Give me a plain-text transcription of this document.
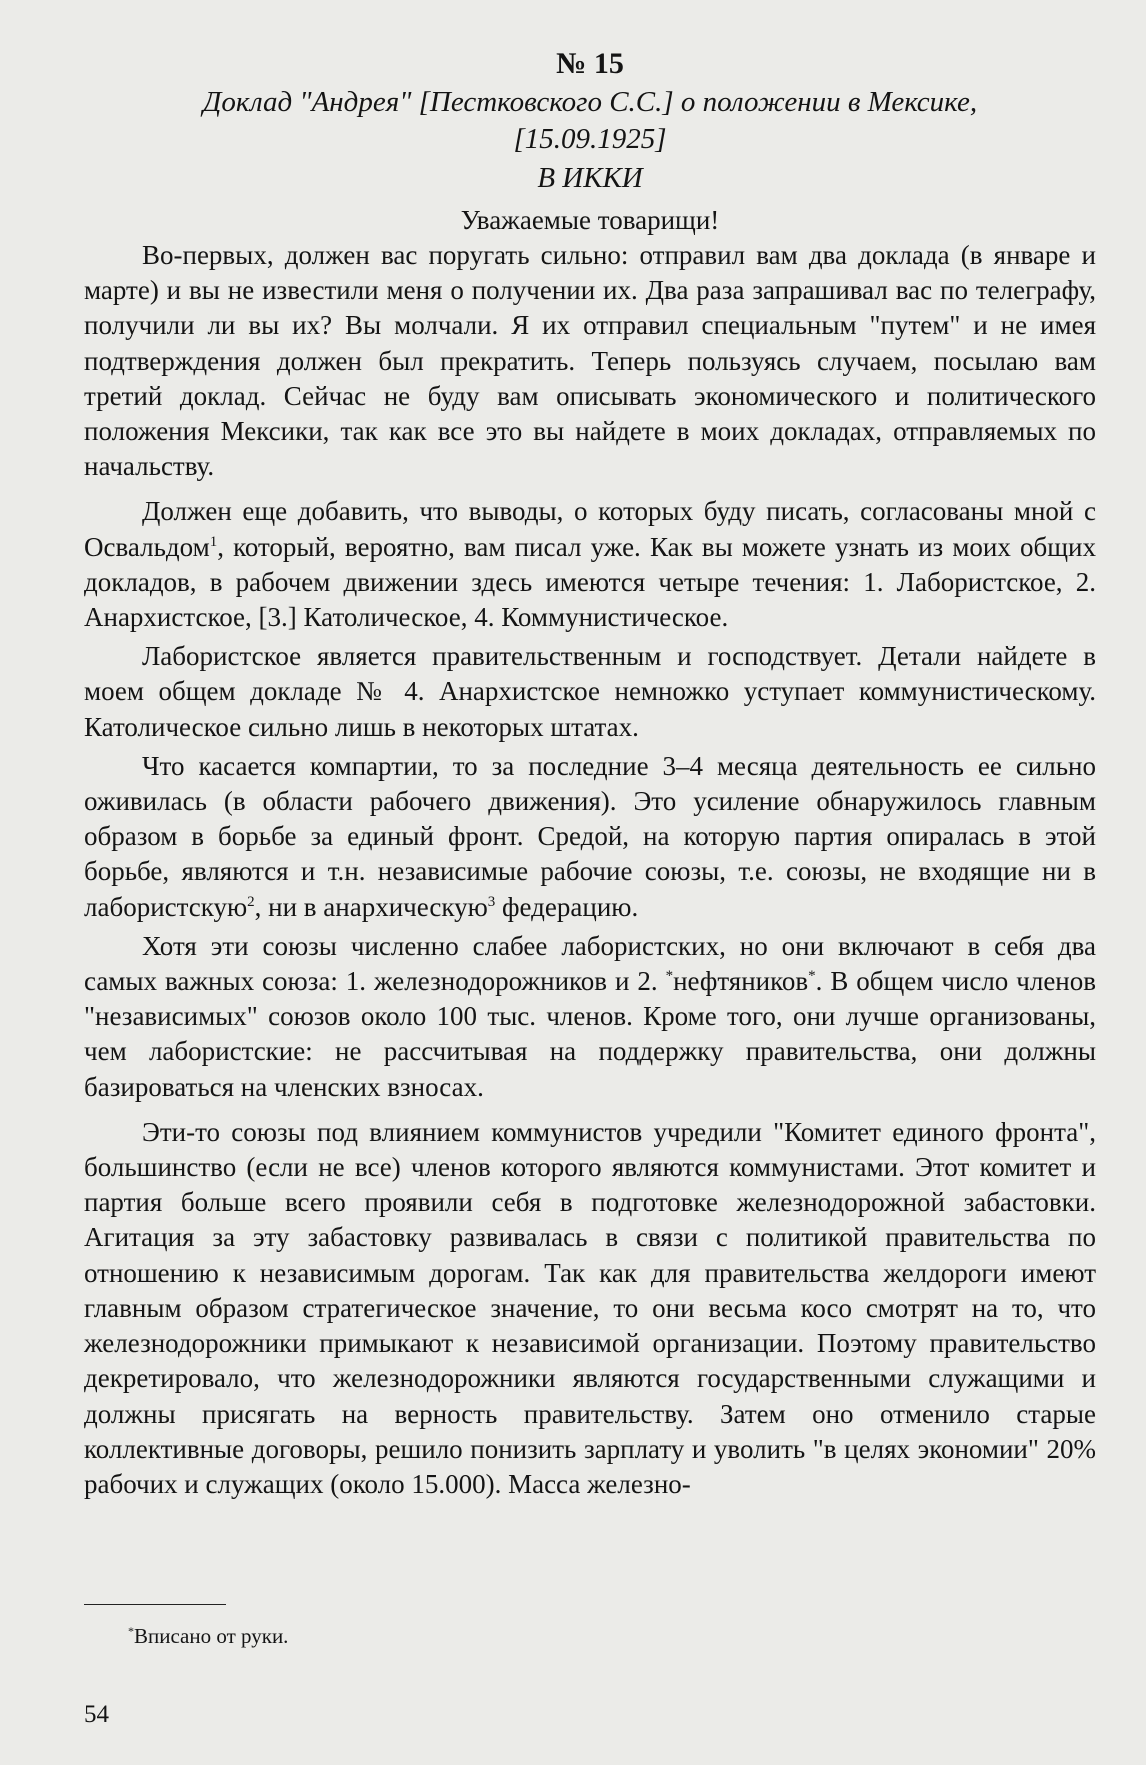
№ 15

Доклад "Андрея" [Пестковского С.С.] о положении в Мексике,

[15.09.1925]

В ИККИ

Уважаемые товарищи!

Во-первых, должен вас поругать сильно: отправил вам два доклада (в январе и марте) и вы не известили меня о получении их. Два раза запрашивал вас по телеграфу, получили ли вы их? Вы молчали. Я их отправил специальным "путем" и не имея подтверждения должен был прекратить. Теперь пользуясь случаем, посылаю вам третий доклад. Сейчас не буду вам описывать экономического и политического положения Мексики, так как все это вы найдете в моих докладах, отправляемых по начальству.

Должен еще добавить, что выводы, о которых буду писать, согласованы мной с Освальдом$^1$, который, вероятно, вам писал уже. Как вы можете узнать из моих общих докладов, в рабочем движении здесь имеются четыре течения: 1. Лабористское, 2. Анархистское, [3.] Католическое, 4. Коммунистическое.

Лабористское является правительственным и господствует. Детали найдете в моем общем докладе № 4. Анархистское немножко уступает коммунистическому. Католическое сильно лишь в некоторых штатах.

Что касается компартии, то за последние 3–4 месяца деятельность ее сильно оживилась (в области рабочего движения). Это усиление обнаружилось главным образом в борьбе за единый фронт. Средой, на которую партия опиралась в этой борьбе, являются и т.н. независимые рабочие союзы, т.е. союзы, не входящие ни в лабористскую$^2$, ни в анархическую$^3$ федерацию.

Хотя эти союзы численно слабее лабористских, но они включают в себя два самых важных союза: 1. железнодорожников и 2. *нефтяников*. В общем число членов "независимых" союзов около 100 тыс. членов. Кроме того, они лучше организованы, чем лабористские: не рассчитывая на поддержку правительства, они должны базироваться на членских взносах.

Эти-то союзы под влиянием коммунистов учредили "Комитет единого фронта", большинство (если не все) членов которого являются коммунистами. Этот комитет и партия больше всего проявили себя в подготовке железнодорожной забастовки. Агитация за эту забастовку развивалась в связи с политикой правительства по отношению к независимым дорогам. Так как для правительства желдороги имеют главным образом стратегическое значение, то они весьма косо смотрят на то, что железнодорожники примыкают к независимой организации. Поэтому правительство декретировало, что железнодорожники являются государственными служащими и должны присягать на верность правительству. Затем оно отменило старые коллективные договоры, решило понизить зарплату и уволить "в целях экономии" 20% рабочих и служащих (около 15.000). Масса железно-

*Вписано от руки.

54
